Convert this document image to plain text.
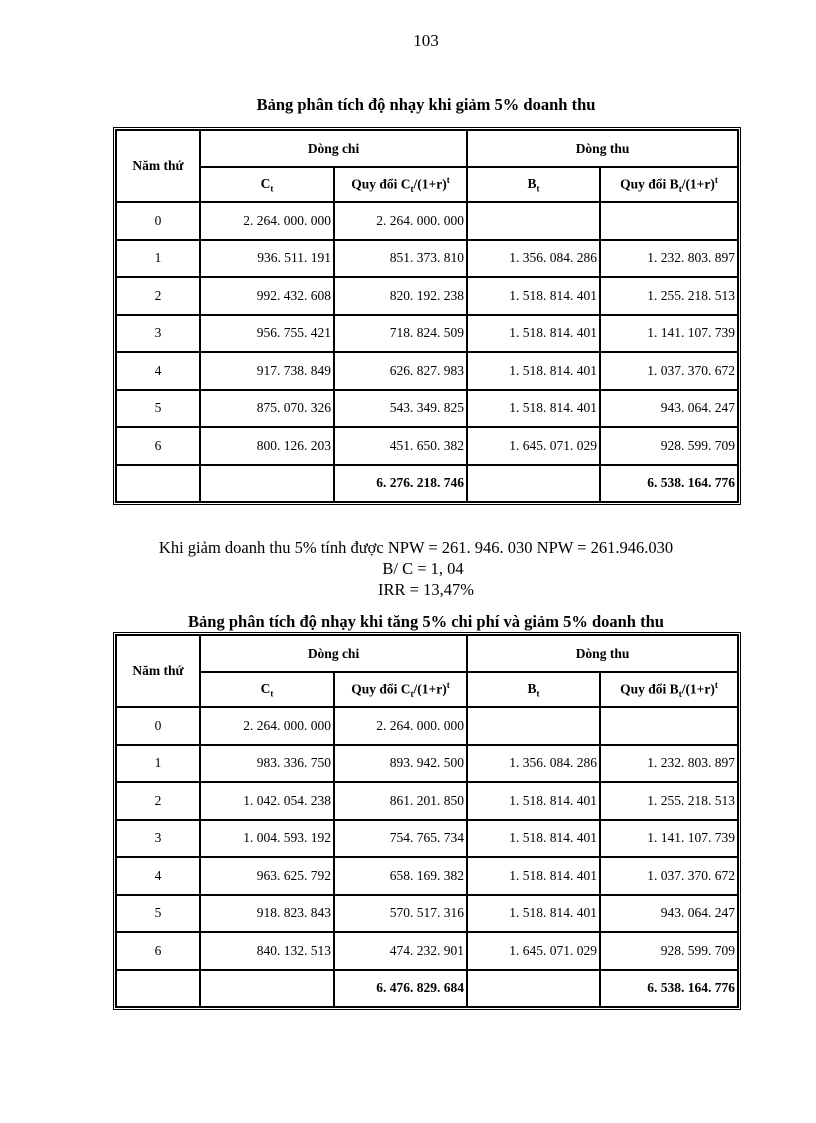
103
Bảng phân tích độ nhạy khi giảm 5% doanh thu
Năm thứ	Dòng chi		Dòng thu	
	$C_t$	Quy đổi $C_t/(1+r)^t$	$B_t$	Quy đổi $B_t/(1+r)^t$
0	2. 264. 000. 000	2. 264. 000. 000		
1	936. 511. 191	851. 373. 810	1. 356. 084. 286	1. 232. 803. 897
2	992. 432. 608	820. 192. 238	1. 518. 814. 401	1. 255. 218. 513
3	956. 755. 421	718. 824. 509	1. 518. 814. 401	1. 141. 107. 739
4	917. 738. 849	626. 827. 983	1. 518. 814. 401	1. 037. 370. 672
5	875. 070. 326	543. 349. 825	1. 518. 814. 401	943. 064. 247
6	800. 126. 203	451. 650. 382	1. 645. 071. 029	928. 599. 709
		6. 276. 218. 746		6. 538. 164. 776
Khi giảm doanh thu 5% tính được NPW = 261. 946. 030 NPW = 261.946.030
B/ C = 1, 04
IRR = 13,47%
Bảng phân tích độ nhạy khi tăng 5% chi phí và giảm 5% doanh thu
Năm thứ	Dòng chi		Dòng thu	
	$C_t$	Quy đổi $C_t/(1+r)^t$	$B_t$	Quy đổi $B_t/(1+r)^t$
0	2. 264. 000. 000	2. 264. 000. 000		
1	983. 336. 750	893. 942. 500	1. 356. 084. 286	1. 232. 803. 897
2	1. 042. 054. 238	861. 201. 850	1. 518. 814. 401	1. 255. 218. 513
3	1. 004. 593. 192	754. 765. 734	1. 518. 814. 401	1. 141. 107. 739
4	963. 625. 792	658. 169. 382	1. 518. 814. 401	1. 037. 370. 672
5	918. 823. 843	570. 517. 316	1. 518. 814. 401	943. 064. 247
6	840. 132. 513	474. 232. 901	1. 645. 071. 029	928. 599. 709
		6. 476. 829. 684		6. 538. 164. 776
